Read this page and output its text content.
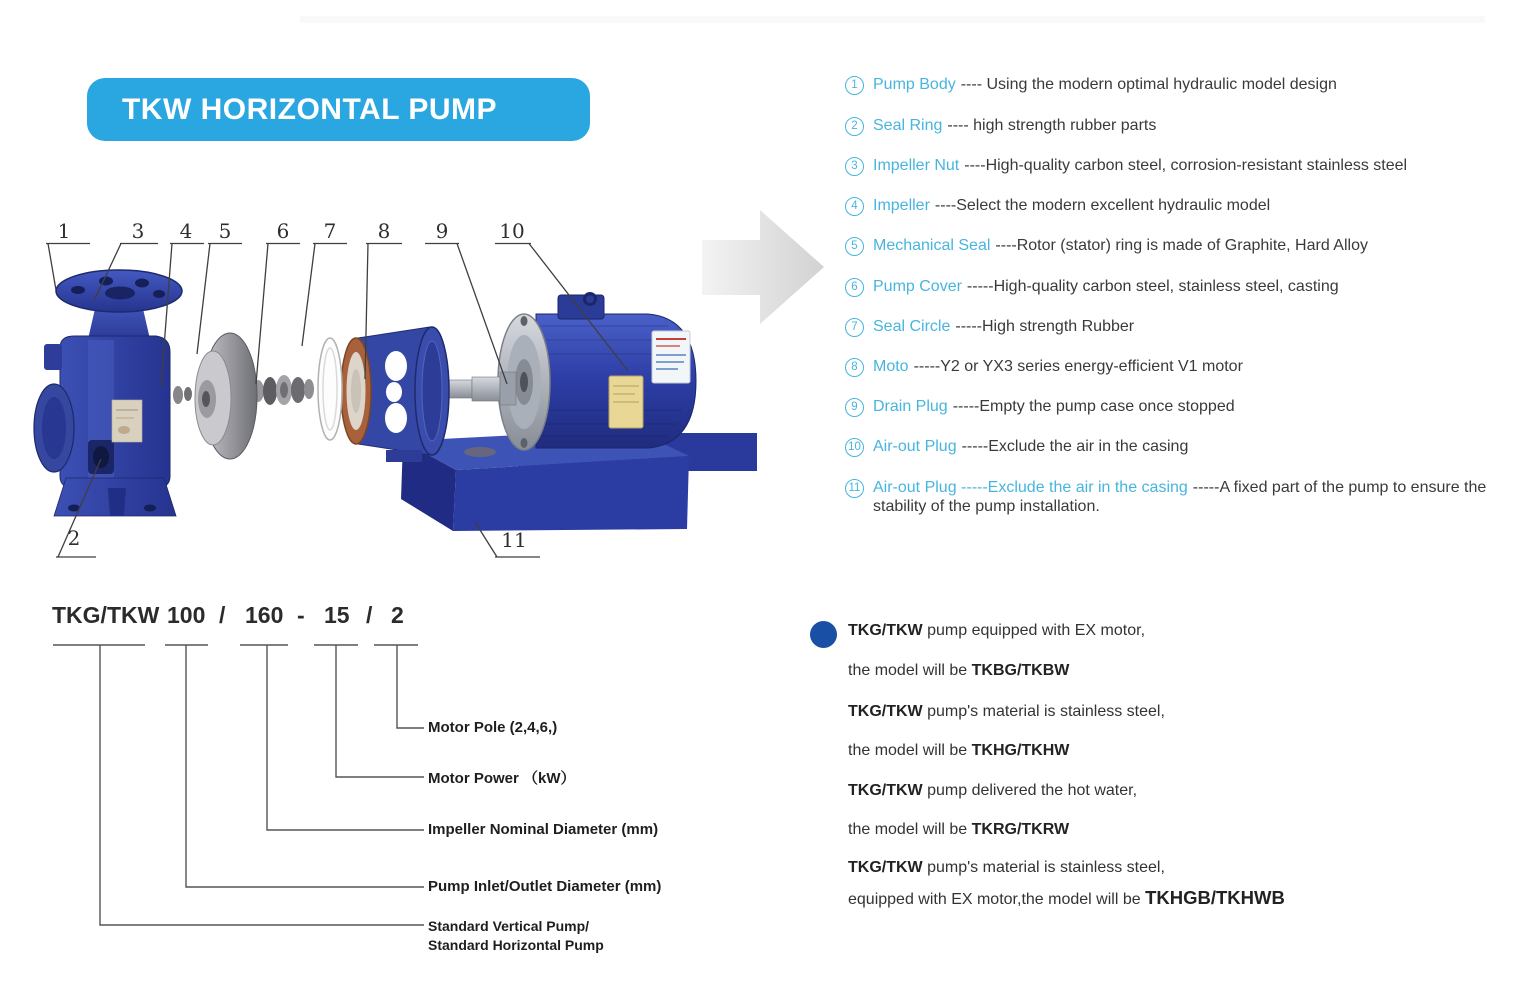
TKW HORIZONTAL PUMP
1	3 4 5 6 7 8 9	10
2	11
1 Pump Body ---- Using the modern optimal hydraulic model design
2 Seal Ring ---- high strength rubber parts
3 Impeller Nut ----High-quality carbon steel, corrosion-resistant stainless steel
4 Impeller ----Select the modern excellent hydraulic model
5 Mechanical Seal ----Rotor (stator) ring is made of Graphite, Hard Alloy
6 Pump Cover -----High-quality carbon steel, stainless steel, casting
7 Seal Circle -----High strength Rubber
8 Moto -----Y2 or YX3 series energy-efficient V1 motor
9 Drain Plug -----Empty the pump case once stopped
10 Air-out Plug -----Exclude the air in the casing
11 Air-out Plug -----Exclude the air in the casing -----A fixed part of the pump to ensure the stability of the pump installation.
TKG/TKW 100 / 160 - 15 / 2
Motor Pole (2,4,6,)
Motor Power （kW）
Impeller Nominal Diameter (mm)
Pump Inlet/Outlet Diameter (mm)
Standard Vertical Pump/
Standard Horizontal Pump
TKG/TKW pump equipped with EX motor,
the model will be TKBG/TKBW
TKG/TKW pump's material is stainless steel,
the model will be TKHG/TKHW
TKG/TKW pump delivered the hot water,
the model will be TKRG/TKRW
TKG/TKW pump's material is stainless steel,
equipped with EX motor,the model will be TKHGB/TKHWB
